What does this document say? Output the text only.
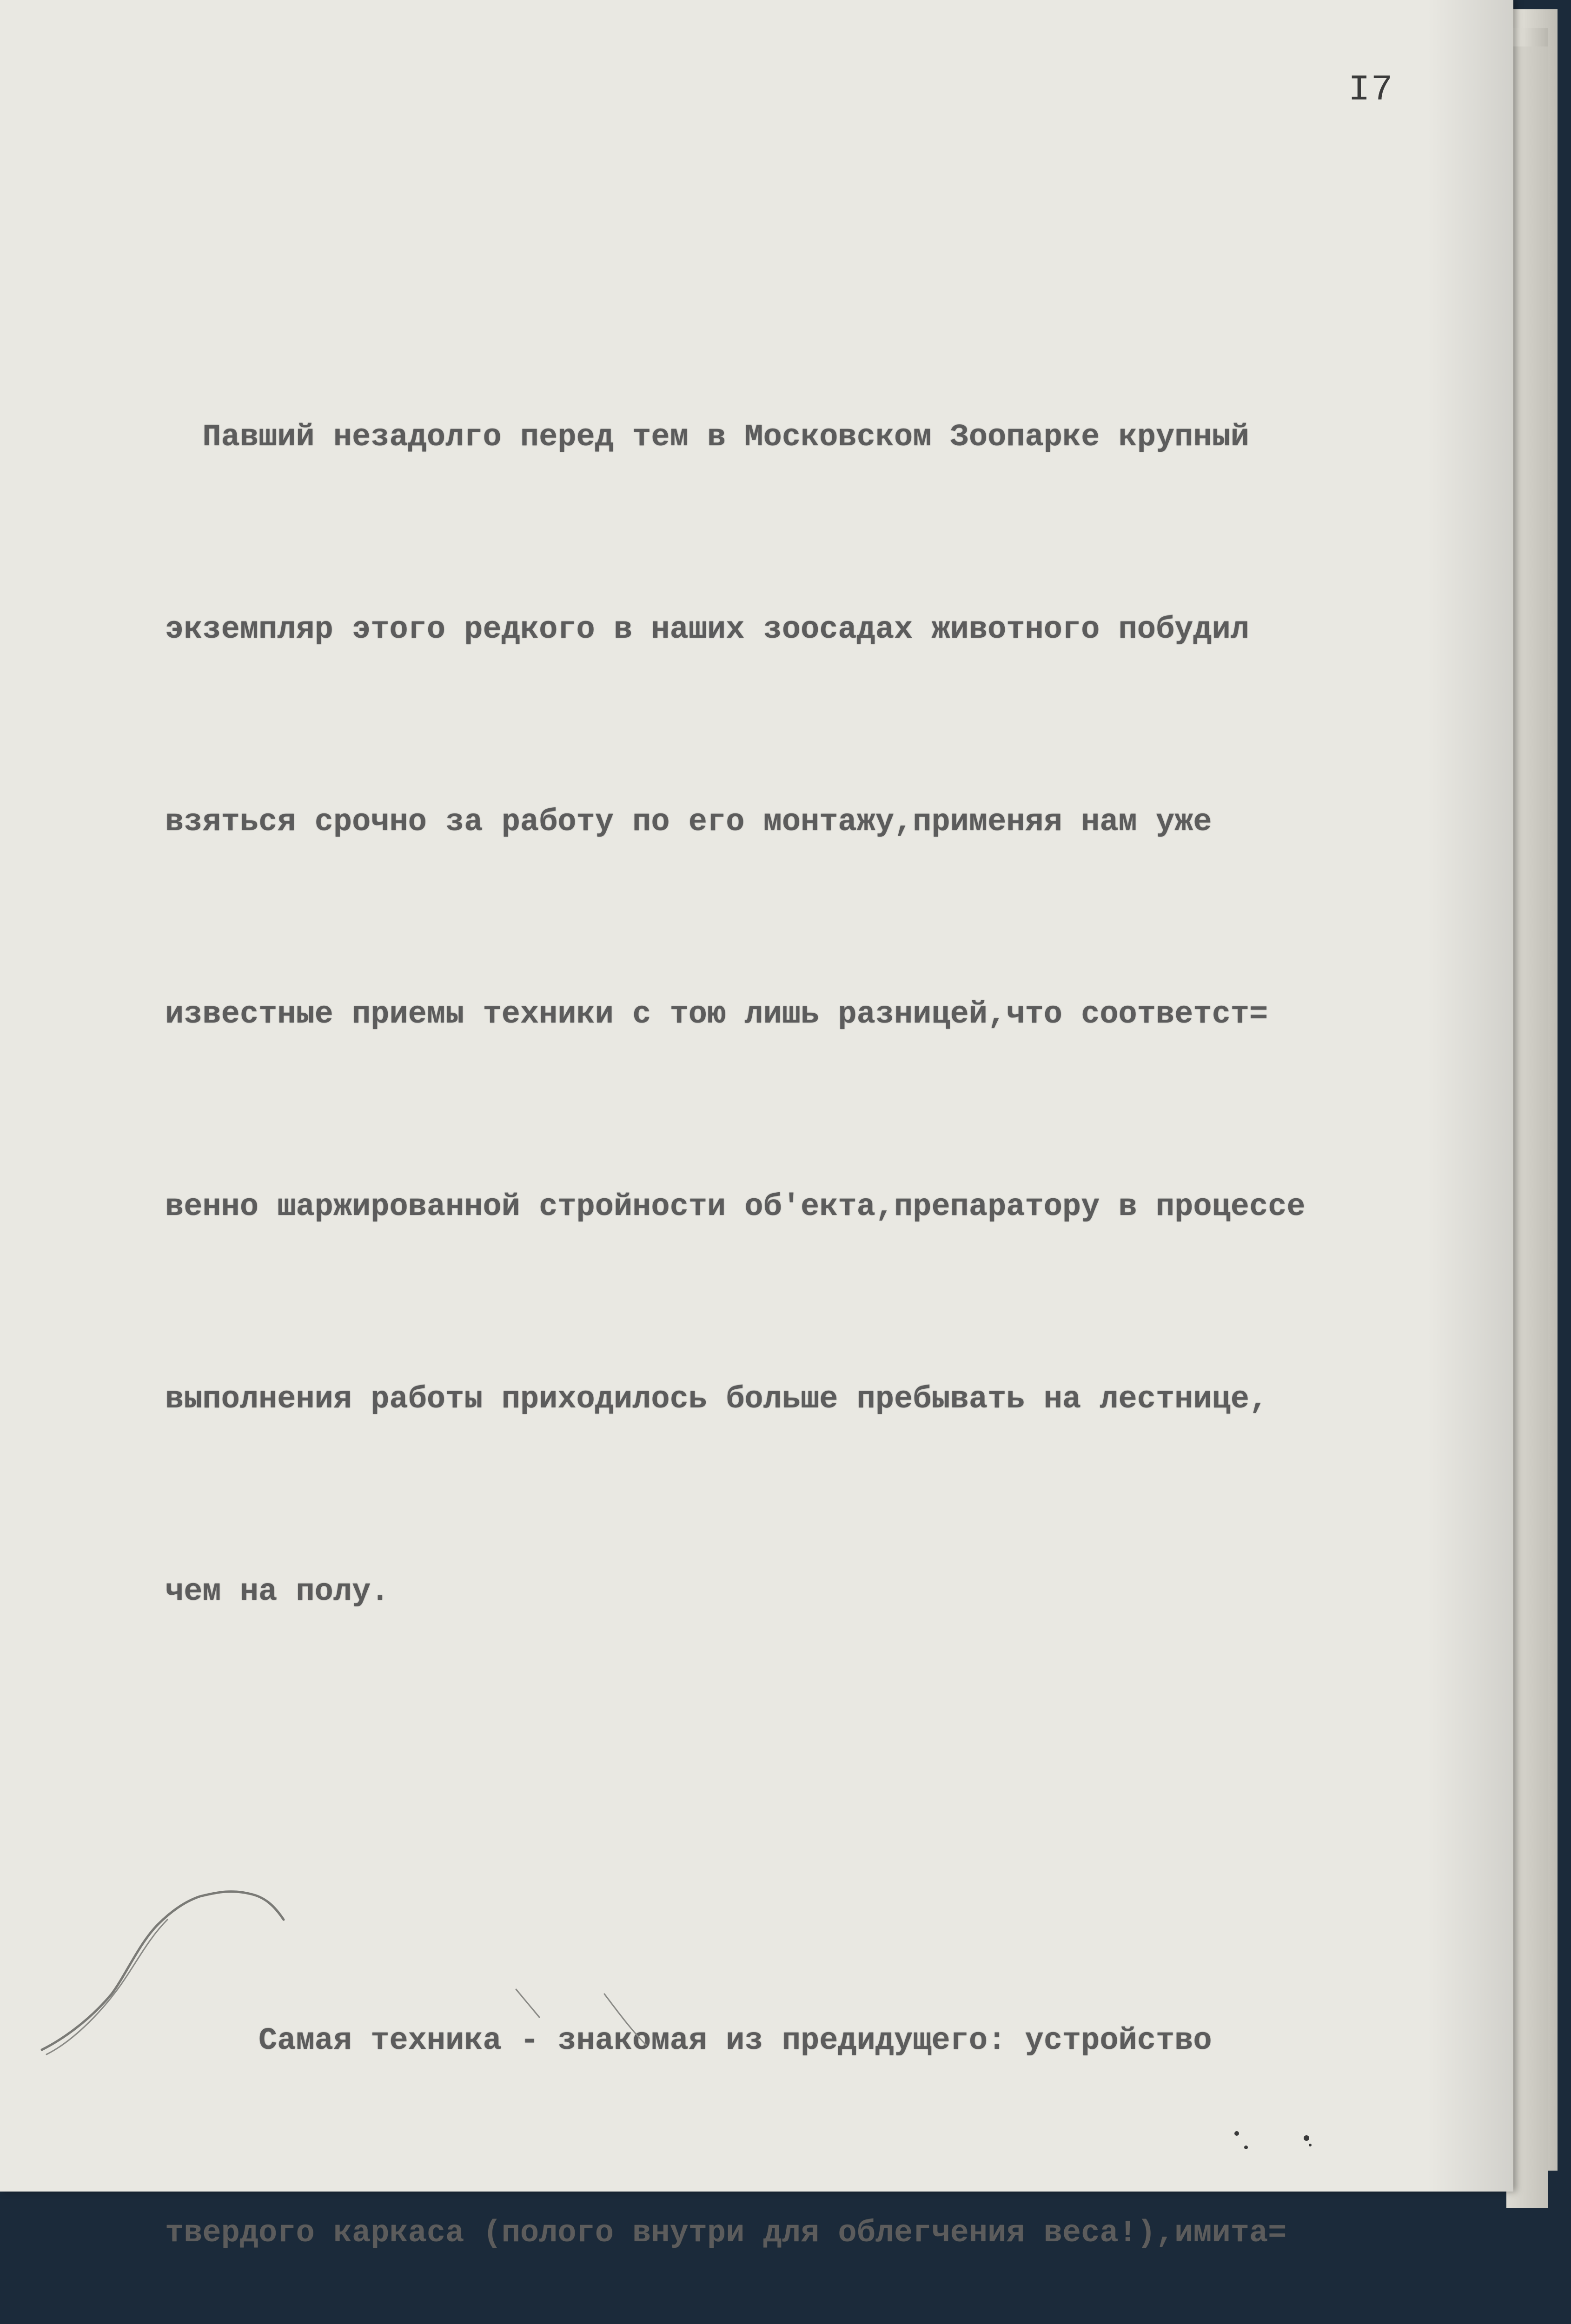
I7

Павший незадолго перед тем в Московском Зоопарке крупный

экземпляр этого редкого в наших зоосадах животного побудил

взяться срочно за работу по его монтажу,применяя нам уже

известные приемы техники с тою лишь разницей,что соответст=

венно шаржированной стройности об'екта,препаратору в процессе

выполнения работы приходилось больше пребывать на лестнице,

чем на полу.

Самая техника - знакомая из предидущего: устройство

твердого каркаса (полого внутри для облегчения веса!),имита=
